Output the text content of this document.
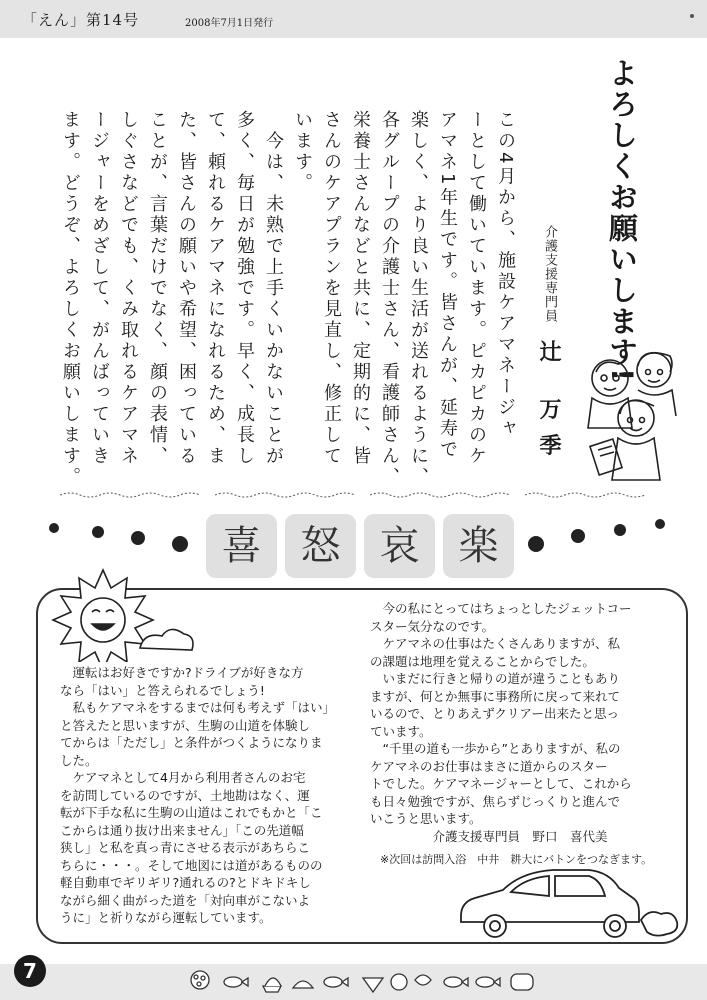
「えん」第14号	2008年7月1日発行
よろしくお願いします!
介護支援専門員
辻 万季
この4月から、施設ケアマネージャ
ーとして働いています。ピカピカのケ
アマネ1年生です。皆さんが、延寿で
楽しく、より良い生活が送れるように、
各グループの介護士さん、看護師さん、
栄養士さんなどと共に、定期的に、皆
さんのケアプランを見直し、修正して
います。
　今は、未熟で上手くいかないことが
多く、毎日が勉強です。早く、成長し
て、頼れるケアマネになれるため、ま
た、皆さんの願いや希望、困っている
ことが、言葉だけでなく、顔の表情、
しぐさなどでも、くみ取れるケアマネ
ージャーをめざして、がんばっていき
ます。どうぞ、よろしくお願いします。
喜 怒 哀 楽

　運転はお好きですか?ドライブが好きな方

なら「はい」と答えられるでしょう!

　私もケアマネをするまでは何も考えず「はい」

と答えたと思いますが、生駒の山道を体験し

てからは「ただし」と条件がつくようになりま

した。

　ケアマネとして4月から利用者さんのお宅

を訪問しているのですが、土地勘はなく、運

転が下手な私に生駒の山道はこれでもかと「こ

こからは通り抜け出来ません」「この先道幅

狭し」と私を真っ青にさせる表示があちらこ

ちらに・・・。そして地図には道があるものの

軽自動車でギリギリ?通れるの?とドキドキし

ながら細く曲がった道を「対向車がこないよ

うに」と祈りながら運転しています。

　今の私にとってはちょっとしたジェットコー

スター気分なのです。

　ケアマネの仕事はたくさんありますが、私

の課題は地理を覚えることからでした。

　いまだに行きと帰りの道が違うこともあり

ますが、何とか無事に事務所に戻って来れて

いるので、とりあえずクリアー出来たと思っ

ています。

　“千里の道も一歩から”とありますが、私の

ケアマネのお仕事はまさに道からのスター

トでした。ケアマネージャーとして、これから

も日々勉強ですが、焦らずじっくりと進んで

いこうと思います。

　　　　　介護支援専門員　野口　喜代美

※次回は訪問入浴　中井　耕大にバトンをつなぎます。
7
